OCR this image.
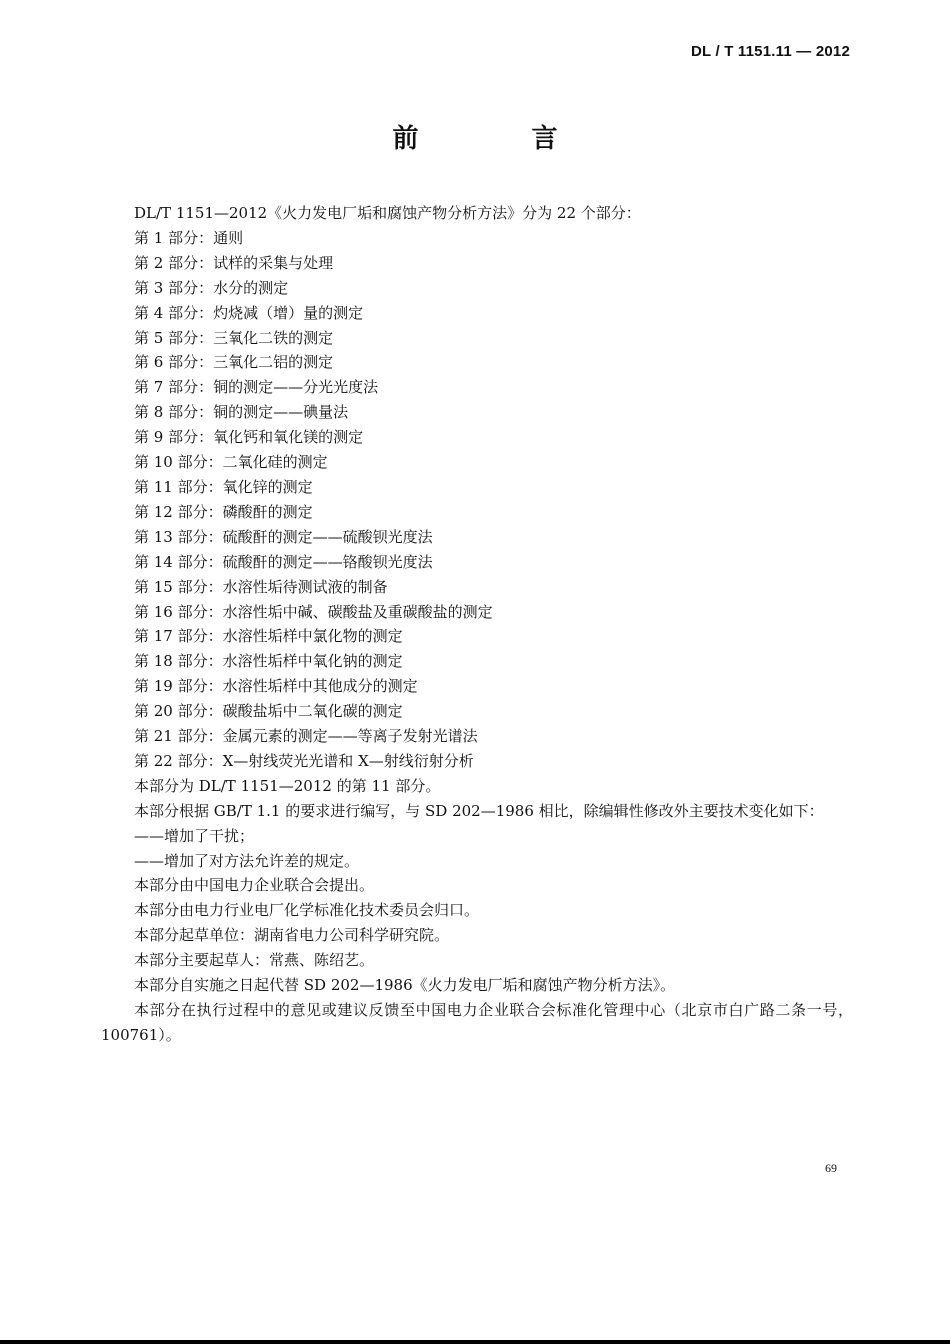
DL / T 1151.11 — 2012
前 言

DL/T 1151—2012《火力发电厂垢和腐蚀产物分析方法》分为 22 个部分：

第 1 部分：通则

第 2 部分：试样的采集与处理

第 3 部分：水分的测定

第 4 部分：灼烧减（增）量的测定

第 5 部分：三氧化二铁的测定

第 6 部分：三氧化二铝的测定

第 7 部分：铜的测定——分光光度法

第 8 部分：铜的测定——碘量法

第 9 部分：氧化钙和氧化镁的测定

第 10 部分：二氧化硅的测定

第 11 部分：氧化锌的测定

第 12 部分：磷酸酐的测定

第 13 部分：硫酸酐的测定——硫酸钡光度法

第 14 部分：硫酸酐的测定——铬酸钡光度法

第 15 部分：水溶性垢待测试液的制备

第 16 部分：水溶性垢中碱、碳酸盐及重碳酸盐的测定

第 17 部分：水溶性垢样中氯化物的测定

第 18 部分：水溶性垢样中氧化钠的测定

第 19 部分：水溶性垢样中其他成分的测定

第 20 部分：碳酸盐垢中二氧化碳的测定

第 21 部分：金属元素的测定——等离子发射光谱法

第 22 部分：X—射线荧光光谱和 X—射线衍射分析

本部分为 DL/T 1151—2012 的第 11 部分。

本部分根据 GB/T 1.1 的要求进行编写，与 SD 202—1986 相比，除编辑性修改外主要技术变化如下：

——增加了干扰；

——增加了对方法允许差的规定。

本部分由中国电力企业联合会提出。

本部分由电力行业电厂化学标准化技术委员会归口。

本部分起草单位：湖南省电力公司科学研究院。

本部分主要起草人：常燕、陈绍艺。

本部分自实施之日起代替 SD 202—1986《火力发电厂垢和腐蚀产物分析方法》。

本部分在执行过程中的意见或建议反馈至中国电力企业联合会标准化管理中心（北京市白广路二条一号，100761）。

69
